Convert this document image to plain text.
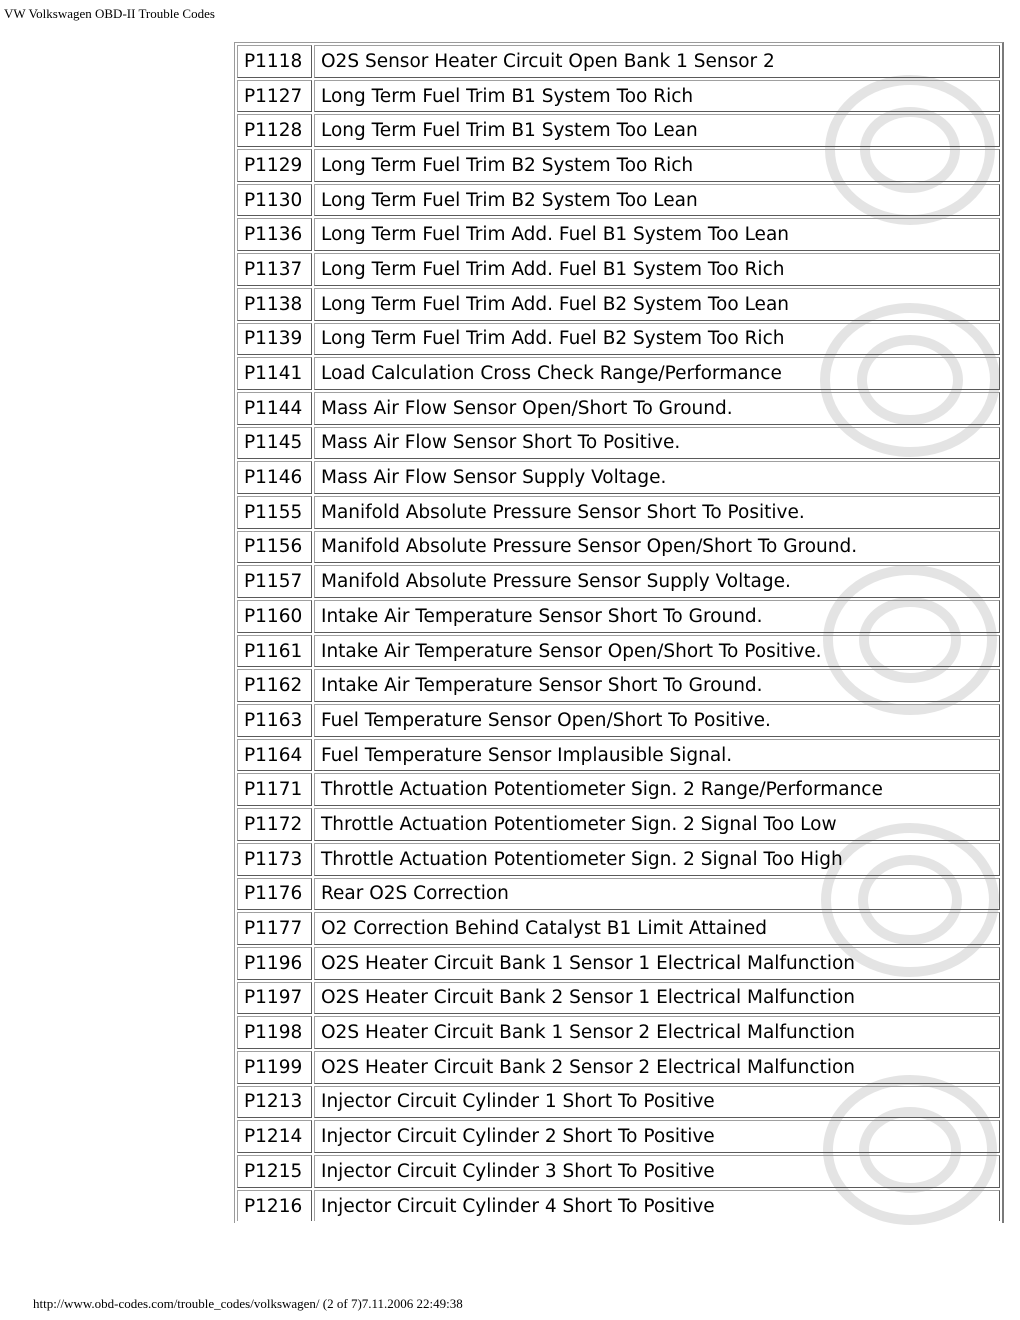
VW Volkswagen OBD-II Trouble Codes
P1118	O2S Sensor Heater Circuit Open Bank 1 Sensor 2
P1127	Long Term Fuel Trim B1 System Too Rich
P1128	Long Term Fuel Trim B1 System Too Lean
P1129	Long Term Fuel Trim B2 System Too Rich
P1130	Long Term Fuel Trim B2 System Too Lean
P1136	Long Term Fuel Trim Add. Fuel B1 System Too Lean
P1137	Long Term Fuel Trim Add. Fuel B1 System Too Rich
P1138	Long Term Fuel Trim Add. Fuel B2 System Too Lean
P1139	Long Term Fuel Trim Add. Fuel B2 System Too Rich
P1141	Load Calculation Cross Check Range/Performance
P1144	Mass Air Flow Sensor Open/Short To Ground.
P1145	Mass Air Flow Sensor Short To Positive.
P1146	Mass Air Flow Sensor Supply Voltage.
P1155	Manifold Absolute Pressure Sensor Short To Positive.
P1156	Manifold Absolute Pressure Sensor Open/Short To Ground.
P1157	Manifold Absolute Pressure Sensor Supply Voltage.
P1160	Intake Air Temperature Sensor Short To Ground.
P1161	Intake Air Temperature Sensor Open/Short To Positive.
P1162	Intake Air Temperature Sensor Short To Ground.
P1163	Fuel Temperature Sensor Open/Short To Positive.
P1164	Fuel Temperature Sensor Implausible Signal.
P1171	Throttle Actuation Potentiometer Sign. 2 Range/Performance
P1172	Throttle Actuation Potentiometer Sign. 2 Signal Too Low
P1173	Throttle Actuation Potentiometer Sign. 2 Signal Too High
P1176	Rear O2S Correction
P1177	O2 Correction Behind Catalyst B1 Limit Attained
P1196	O2S Heater Circuit Bank 1 Sensor 1 Electrical Malfunction
P1197	O2S Heater Circuit Bank 2 Sensor 1 Electrical Malfunction
P1198	O2S Heater Circuit Bank 1 Sensor 2 Electrical Malfunction
P1199	O2S Heater Circuit Bank 2 Sensor 2 Electrical Malfunction
P1213	Injector Circuit Cylinder 1 Short To Positive
P1214	Injector Circuit Cylinder 2 Short To Positive
P1215	Injector Circuit Cylinder 3 Short To Positive
P1216	Injector Circuit Cylinder 4 Short To Positive
http://www.obd-codes.com/trouble_codes/volkswagen/ (2 of 7)7.11.2006 22:49:38
